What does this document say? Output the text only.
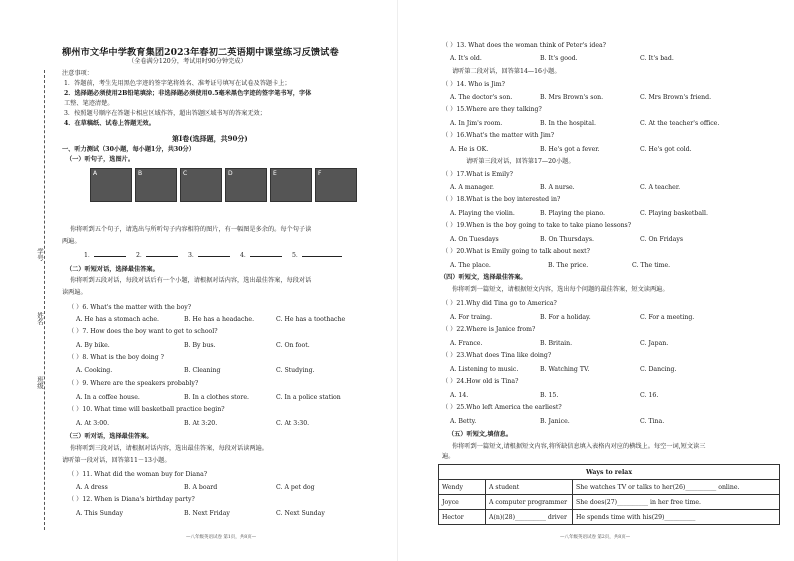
学号
姓名
班级
柳州市文华中学教育集团2023年春初二英语期中课堂练习反馈试卷
（全卷满分120分，考试用时90分钟完成）
注意事项：
1．答题前，考生先用黑色字迹的签字笔将姓名、准考证号填写在试卷及答题卡上；
2．选择题必须使用2B铅笔填涂；非选择题必须使用0.5毫米黑色字迹的签字笔书写，字体
工整、笔迹清楚。
3．按照题号顺序在答题卡相应区域作答，超出答题区域书写的答案无效；
4．在草稿纸、试卷上答题无效。
第Ⅰ卷(选择题，共90分)
一、听力测试（30小题，每小题1分，共30分）
（一）听句子，选图片。
A	B	C	D	E	F
你将听到五个句子，请选出与所听句子内容相符的图片，有一幅图是多余的。每个句子读
两遍。
1．	2．	3．	4．	5．
（二）听短对话，选择最佳答案。
你将听到五段对话，每段对话后有一个小题，请根据对话内容，选出最佳答案，每段对话
读两遍。
（ ）6. What's the matter with the boy?
A. He has a stomach ache.	B. He has a headache.	C. He has a toothache
（ ）7. How does the boy want to get to school?
A. By bike.	B. By bus.	C. On foot.
（ ）8. What is the boy doing ?
A. Cooking.	B. Cleaning	C. Studying.
（ ）9. Where are the speakers probably?
A. In a coffee house.	B. In a clothes store.	C. In a police station
（ ）10. What time will basketball practice begin?
A. At 3:00.	B. At 3:20.	C. At 3:30.
（三）听对话，选择最佳答案。
你将听到三段对话，请根据对话内容，选出最佳答案，每段对话读两遍。
请听第一段对话，回答第11－13小题。
（ ）11. What did the woman buy for Diana?
A. A dress	B. A board	C. A pet dog
（ ）12. When is Diana's birthday party?
A. This Sunday	B. Next Friday	C. Next Sunday
—八年级英语试卷 第1页，共8页—
（ ）13. What does the woman think of Peter's idea?
A. It's old.	B. It's good.	C. It's bad.
请听第二段对话，回答第14—16小题。
（ ）14. Who is Jim?
A. The doctor's son.	B. Mrs Brown's son.	C. Mrs Brown's friend.
（ ）15.Where are they talking?
A. In Jim's room.	B. In the hospital.	C. At the teacher's office.
（ ）16.What's the matter with Jim?
A. He is OK.	B. He's got a fever.	C. He's got cold.
请听第三段对话，回答第17—20小题。
（ ）17.What is Emily?
A. A manager.	B. A nurse.	C. A teacher.
（ ）18.What is the boy interested in?
A. Playing the violin.	B. Playing the piano.	C. Playing basketball.
（ ）19.When is the boy going to take to take piano lessons?
A. On Tuesdays	B. On Thursdays.	C. On Fridays
（ ）20.What is Emily going to talk about next?
A. The place.	B. The price.	C. The time.
（四）听短文，选择最佳答案。
你将听到一篇短文，请根据短文内容，选出每个问题的最佳答案，短文读两遍。
（ ）21.Why did Tina go to America?
A. For traing.	B. For a holiday.	C. For a meeting.
（ ）22.Where is Janice from?
A. France.	B. Britain.	C. Japan.
（ ）23.What does Tina like doing?
A. Listening to music.	B. Watching TV.	C. Dancing.
（ ）24.How old is Tina?
A. 14.	B. 15.	C. 16.
（ ）25.Who left America the earliest?
A. Betty.	B. Janice.	C. Tina.
（五）听短文,填信息。
你将听到一篇短文,请根据短文内容,将所缺信息填入表格内对应的横线上。每空一词,短文读三
遍。
Ways to relax		
Wendy	A student	She watches TV or talks to her(26)__________ online.
Joyce	A computer programmer	She does(27)__________ in her free time.
Hector	A(n)(28)__________ driver	He spends time with his(29)__________
—八年级英语试卷 第2页，共8页—
